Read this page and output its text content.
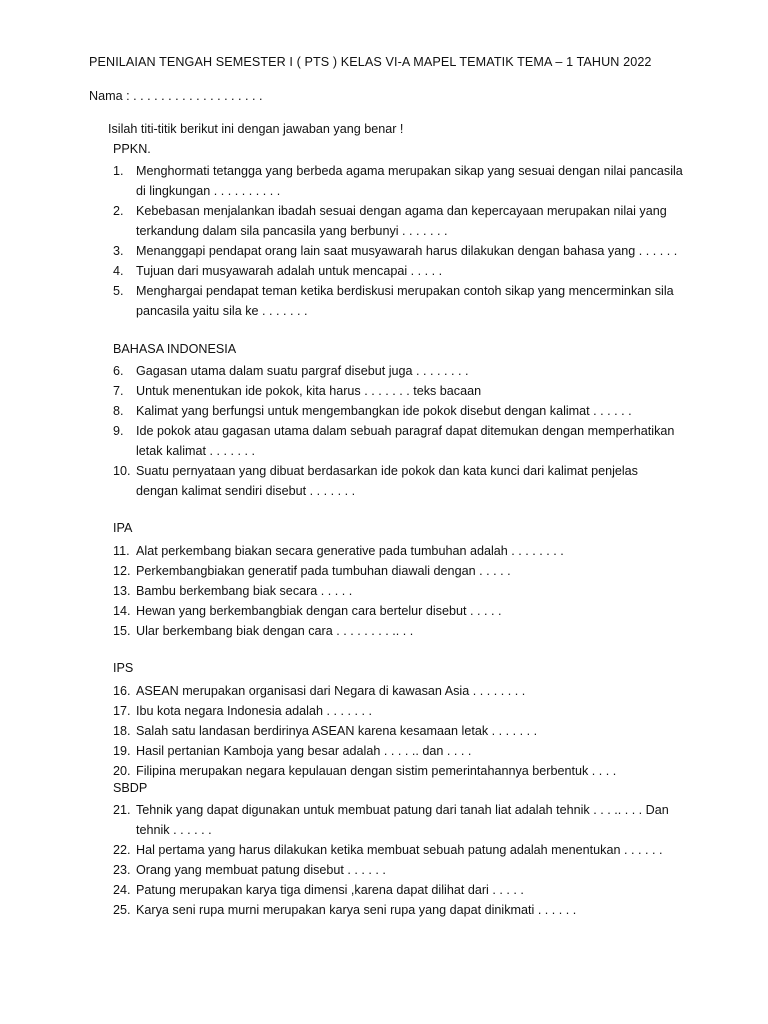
PENILAIAN TENGAH SEMESTER I ( PTS ) KELAS VI-A MAPEL TEMATIK TEMA – 1 TAHUN 2022
Nama : . . . . . . . . . . . . . . . . . . .
Isilah titi-titik berikut ini dengan jawaban yang benar !
PPKN.
1. Menghormati tetangga yang berbeda agama merupakan sikap yang sesuai dengan nilai pancasila di lingkungan . . . . . . . . . .
2. Kebebasan menjalankan ibadah sesuai dengan agama dan kepercayaan merupakan nilai yang terkandung dalam sila pancasila yang berbunyi . . . . . . .
3. Menanggapi pendapat orang lain saat musyawarah harus dilakukan dengan bahasa yang . . . . . .
4. Tujuan dari musyawarah adalah untuk mencapai . . . . .
5. Menghargai pendapat teman ketika berdiskusi merupakan contoh sikap yang mencerminkan sila pancasila yaitu sila ke . . . . . . .
BAHASA INDONESIA
6. Gagasan utama dalam suatu pargraf disebut juga . . . . . . . .
7. Untuk menentukan ide pokok, kita harus . . . . . . . teks bacaan
8. Kalimat yang berfungsi untuk mengembangkan ide pokok disebut dengan kalimat . . . . . .
9. Ide pokok atau gagasan utama dalam sebuah paragraf dapat ditemukan dengan memperhatikan letak kalimat . . . . . . .
10. Suatu pernyataan yang dibuat berdasarkan ide pokok dan kata kunci dari kalimat penjelas dengan kalimat sendiri disebut . . . . . . .
IPA
11. Alat perkembang biakan secara generative pada tumbuhan adalah . . . . . . . .
12. Perkembangbiakan generatif pada tumbuhan diawali dengan . . . . .
13. Bambu berkembang biak secara . . . . .
14. Hewan yang berkembangbiak dengan cara bertelur disebut . . . . .
15. Ular berkembang biak dengan cara . . . . . . . . .. . .
IPS
16. ASEAN merupakan organisasi dari Negara di kawasan Asia . . . . . . . .
17. Ibu kota negara Indonesia adalah . . . . . . .
18. Salah satu landasan berdirinya ASEAN karena kesamaan letak . . . . . . .
19. Hasil pertanian Kamboja yang besar adalah . . . . .. dan . . . .
20. Filipina merupakan negara kepulauan dengan sistim pemerintahannya berbentuk . . . .
SBDP
21. Tehnik yang dapat digunakan untuk membuat patung dari tanah liat adalah tehnik . . . .. . . . Dan tehnik . . . . . .
22. Hal pertama yang harus dilakukan ketika membuat sebuah patung adalah menentukan . . . . . .
23. Orang yang membuat patung disebut . . . . . .
24. Patung merupakan karya tiga dimensi ,karena dapat dilihat dari . . . . .
25. Karya seni rupa murni merupakan karya seni rupa yang dapat dinikmati . . . . . .
